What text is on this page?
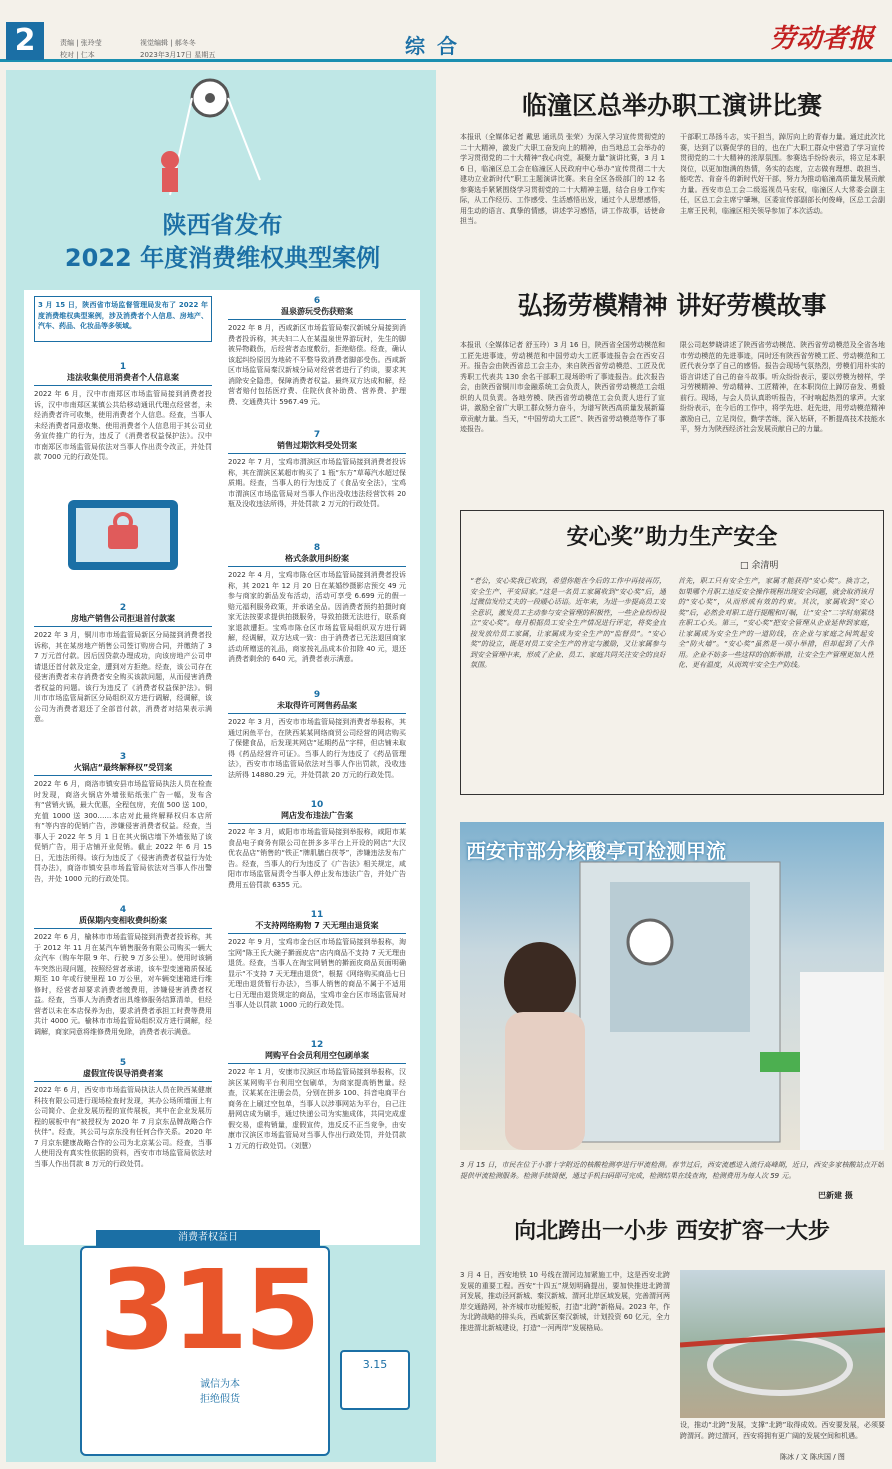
2	责编 | 张玲莹
校对 | 仁本
视觉编辑 | 郝冬冬
2023年3月17日 星期五	综合	劳动者报
陕西省发布
2022 年度消费维权典型案例
3 月 15 日，陕西省市场监督管理局发布了 2022 年度消费维权典型案例，涉及消费者个人信息、房地产、汽车、药品、化妆品等多领域。
1
违法收集使用消费者个人信息案
2022 年 6 月，汉中市南郑区市场监管局接到消费者投诉，汉中市南郑区某镇公共给移动通讯代理点经营者，未经消费者许可收集，使用消费者个人信息。经查，当事人未经消费者同意收集、使用消费者个人信息用于其公司业务宣传推广的行为，违反了《消费者权益保护法》。汉中市南郑区市场监管局依法对当事人作出责令改正，并处罚款 7000 元的行政处罚。
2
房地产销售公司拒退首付款案
2022 年 3 月，铜川市市场监管局新区分局接到消费者投诉称，其在某房地产销售公司签订购房合同，并缴纳了 37 万元首付款。因后因贷款办理成功，向该房地产公司申请退还首付款及定金，遭到对方拒绝。经查，该公司存在侵害消费者未存消费者安全购买该款问题，从而侵害消费者权益的问题。该行为违反了《消费者权益保护法》。铜川市市场监管局新区分局组织双方进行调解，经调解，该公司为消费者退还了全部首付款，消费者对结果表示满意。
3
火锅店“最终解释权”受罚案
2022 年 6 月，商洛市镇安县市场监管局执法人员在检查时发现，商洛火锅店外墙张贴纸张广告一幅，发布含有“营销火锅，最大优惠，全程包房，充值 500 送 100，充值 1000 送 300……本店对此最终解释权归本店所有”等内容的促销广告，涉嫌侵害消费者权益。经查，当事人于 2022 年 5 月 1 日在其火锅店墙下外墙张贴了该促销广告，用于店铺开业促销。截止 2022 年 6 月 15 日，无违法所得。该行为违反了《侵害消费者权益行为处罚办法》，商洛市镇安县市场监管局依法对当事人作出警告，并处 1000 元的行政处罚。
4
质保期内变相收费纠纷案
2022 年 6 月，榆林市市场监管局接到消费者投诉称，其于 2012 年 11 月在某汽车销售服务有限公司购买一辆大众汽车（购车年限 9 年、行驶 9 万多公里）。使用时该辆车突然出现问题，按照经营者承诺，该车型变速箱质保延期至 10 年或行驶里程 10 万公里，对车辆变速箱进行维修时，经营者却要求消费者缴费用，涉嫌侵害消费者权益。经查，当事人为消费者出具维修服务结算清单，但经营者以未在本店保养为由，要求消费者承担工时费等费用共计 4000 元。榆林市市场监管局组织双方进行调解，经调解，商家同意将维修费用免除，消费者表示满意。
5
虚假宣传误导消费者案
2022 年 6 月，西安市市场监管局执法人员在陕西某健康科技有限公司进行现场检查时发现，其办公场所墙面上有公司简介、企业发展历程的宣传展板，其中在企业发展历程的展板中有“被授权为 2020 年 7 月京东品牌战略合作伙伴”。经查，其公司与京东没有任何合作关系。2020 年 7 月京东健康战略合作的公司为北京某公司。经查，当事人使用没有真实性依据的资料，西安市市场监管局依法对当事人作出罚款 8 万元的行政处罚。
6
温泉游玩受伤获赔案
2022 年 8 月，西咸新区市场监管局秦汉新城分局接到消费者投诉称，其夫妇二人在某温泉世界游玩时，先生的脚被异物戳伤，后经营者态度敷衍，拒绝赔偿。经查，确认该起纠纷原因为地砖不平整导致消费者脚部受伤。西咸新区市场监管局秦汉新城分局对经营者进行了约谈，要求其消除安全隐患，保障消费者权益。最终双方达成和解，经营者赔付包括医疗费、住院伙食补助费、营养费、护理费、交通费共计 5967.49 元。
7
销售过期饮料受处罚案
2022 年 7 月，宝鸡市渭滨区市场监管局接到消费者投诉称，其在渭滨区某超市购买了 1 瓶“东方”草莓汽水超过保质期。经查，当事人的行为违反了《食品安全法》，宝鸡市渭滨区市场监管局对当事人作出没收违法经营饮料 20 瓶及没收违法所得，并处罚款 2 万元的行政处罚。
8
格式条款用纠纷案
2022 年 4 月，宝鸡市陈仓区市场监管局接到消费者投诉称，其 2021 年 12 月 20 日在某婚纱摄影店预交 49 元参与商家的新品发布活动，活动可享受 6.699 元的假一赔元福利服务政策，并承诺全品。因消费者预约拍摄时商家无法按要求提供拍摄服务，导致拍摄无法进行，联系商家退款遭拒。宝鸡市陈仓区市场监管局组织双方进行调解，经调解，双方达成一致：由于消费者已无法退回商家活动所赠送的礼品，商家按礼品成本价扣除 40 元，退还消费者剩余的 640 元，消费者表示满意。
9
未取得许可网售药品案
2022 年 3 月，西安市市场监管局接到消费者举报称，其通过闲鱼平台，在陕西某某网络商贸公司经营的网店购买了保健食品，后发现其网店“延期药品”字样，但店铺未取得《药品经营许可证》。当事人的行为违反了《药品管理法》，西安市市场监管局依法对当事人作出罚款，没收违法所得 14880.29 元，并处罚款 20 万元的行政处罚。
10
网店发布违法广告案
2022 年 3 月，咸阳市市场监管局接到举报称，咸阳市某食品电子商务有限公司在拼多多平台上开设的网店“大汉优农品店”销售的“铁正”牌肌膳白茯苓”，涉嫌违法发布广告。经查，当事人的行为违反了《广告法》相关规定，咸阳市市场监管局责令当事人停止发布违法广告，并处广告费用五倍罚款 6355 元。
11
不支持网络购物 7 天无理由退货案
2022 年 9 月，宝鸡市金台区市场监管局接到举报称，淘宝网“陈王氏大碗子擀面皮店”店内商品不支持 7 天无理由退货。经查，当事人在淘宝网销售的擀面皮商品页面明确显示“不支持 7 天无理由退货”，根据《网络购买商品七日无理由退货暂行办法》，当事人销售的商品不属于不适用七日无理由退货规定的商品，宝鸡市金台区市场监管局对当事人处以罚款 1000 元的行政处罚。
12
网购平台会员利用空包刷单案
2022 年 1 月，安康市汉滨区市场监管局接到举报称，汉滨区某网购平台利用空包刷单，为商家提高销售量。经查，汉某某在注册会员，分别在拼多 100、抖音电商平台商务在上刷过空包单，当事人以涉事网站为平台，自己注册网店成为刷手，通过快递公司为实施成体，共同完成虚假交易，虚构销量，虚假宣传，违反反不正当竞争，由安康市汉滨区市场监管局对当事人作出行政处罚，并处罚款 1 万元的行政处罚。（刘慧）
消费者权益日
315
诚信为本
拒绝假货
3.15
临潼区总举办职工演讲比赛
本报讯（全媒体记者 戴思 通讯员 张荣）为深入学习宣传贯彻党的二十大精神，激发广大职工奋发向上的精神，由当地总工会举办的学习贯彻党的二十大精神“我心向党，凝聚力量”演讲比赛，3 月 16 日，临潼区总工会在临潼区人民政府中心举办“宣传贯彻二十大 建功立业新时代”职工主题演讲比赛。来自全区各级部门的 12 名参赛选手紧紧围绕学习贯彻党的二十大精神主题，结合自身工作实际，从工作经历、工作感受、生活感悟出发，通过个人思想感悟，用生动的语言、真挚的情感，讲述学习感悟，讲工作故事，话使命担当。
干部职工昂扬斗志，实干担当，踔厉向上的青春力量。通过此次比赛，达到了以赛促学的目的，也在广大职工群众中营造了学习宣传贯彻党的二十大精神的浓厚氛围。参赛选手纷纷表示，将立足本职岗位，以更加饱满的热情，务实的态度，立志做有理想、敢担当、能吃苦、肯奋斗的新时代好干部，努力为推动临潼高质量发展贡献力量。西安市总工会二级巡视员马宏权，临潼区人大常委会副主任，区总工会主席宁肇琳，区委宣传部副部长何俊峰，区总工会副主席王民利，临潼区相关领导参加了本次活动。
弘扬劳模精神 讲好劳模故事
本报讯（全媒体记者 舒玉玲）3 月 16 日，陕西省全国劳动模范和工匠先进事迹，劳动模范和中国劳动大工匠事迹报告会在西安召开。报告会由陕西省总工会主办，来自陕西省劳动模范、工匠及优秀职工代表共 130 余名干部职工现场聆听了事迹报告。此次报告会，由陕西省铜川市金融系统工会负责人，陕西省劳动模范工会组织的人员负责。各地劳模、陕西省劳动模范工会负责人进行了宣讲，激励全省广大职工群众努力奋斗，为谱写陕西高质量发展新篇章贡献力量。当天，“中国劳动大工匠”、陕西省劳动模范等作了事迹报告。
限公司赵梦晓讲述了陕西省劳动模范、陕西省劳动模范及全省各地市劳动模范的先进事迹，同时还有陕西省劳模工匠、劳动模范和工匠代表分享了自己的感悟。报告会现场气氛热烈，劳模们用朴实的语言讲述了自己的奋斗故事。听众纷纷表示，要以劳模为榜样，学习劳模精神、劳动精神、工匠精神，在本职岗位上踔厉奋发、勇毅前行。现场，与会人员认真聆听报告，不时响起热烈的掌声。大家纷纷表示，在今后的工作中，将学先进、赶先进，用劳动模范精神激励自己，立足岗位，勤学苦练，深入钻研，不断提高技术技能水平，努力为陕西经济社会发展贡献自己的力量。
安心奖”助力生产安全
□ 余清明
“老公，安心奖我已收到，希望你能在今后的工作中再接再厉，安全生产、平安回家。”这是一名员工家属收到“安心奖”后，通过微信发给丈夫的一段暖心话语。近年来，为进一步提高员工安全意识，激发员工主动参与安全管理的积极性，一些企业纷纷设立“安心奖”。每月根据员工安全生产情况进行评定，将奖金直接发放给员工家属，让家属成为安全生产的“监督员”。“安心奖”的设立，既是对员工安全生产的肯定与激励，又让家属参与到安全管理中来，形成了企业、员工、家庭共同关注安全的良好氛围。
首先，职工只有安全生产，家属才能获得“安心奖”。换言之，如果哪个月职工违反安全操作规程出现安全问题，就会取消该月的“安心奖”，从而形成有效的约束。其次，家属收到“安心奖”后，必然会对职工进行提醒和叮嘱，让“安全”二字时刻萦绕在职工心头。第三，“安心奖”把安全管理从企业延伸到家庭，让家属成为安全生产的一道防线，在企业与家庭之间筑起安全“防火墙”。“安心奖”虽然是一项小举措，但却起到了大作用。企业不妨多一些这样的创新举措，让安全生产管理更加人性化、更有温度，从而筑牢安全生产防线。
西安市部分核酸亭可检测甲流
3 月 15 日，市民在位于小寨十字附近的核酸检测亭进行甲流检测。春节过后，西安流感进入流行高峰期，近日，西安多家核酸站点开始提供甲流检测服务。检测手续简便，通过手机扫码即可完成，检测结果在线查询，检测费用为每人次 59 元。
巴新建 摄
向北跨出一小步 西安扩容一大步
3 月 4 日，西安地铁 10 号线在渭河边加紧施工中，这是西安北跨发展的重要工程。西安“十四五”规划明确提出，要加快推进北跨渭河发展，推动泾河新城、秦汉新城、渭河北岸区域发展，完善渭河两岸交通路网，补齐城市功能短板，打造“北跨”新格局。2023 年，作为北跨战略的排头兵，西咸新区秦汉新城，计划投资 60 亿元，全力推进渭北新城建设，打造“一河两岸”发展格局。
设，推动“北跨”发展，支撑“北跨”取得成效。西安要发展，必须要跨渭河。跨过渭河，西安将拥有更广阔的发展空间和机遇。
陈冰 / 文 陈庆国 / 图
